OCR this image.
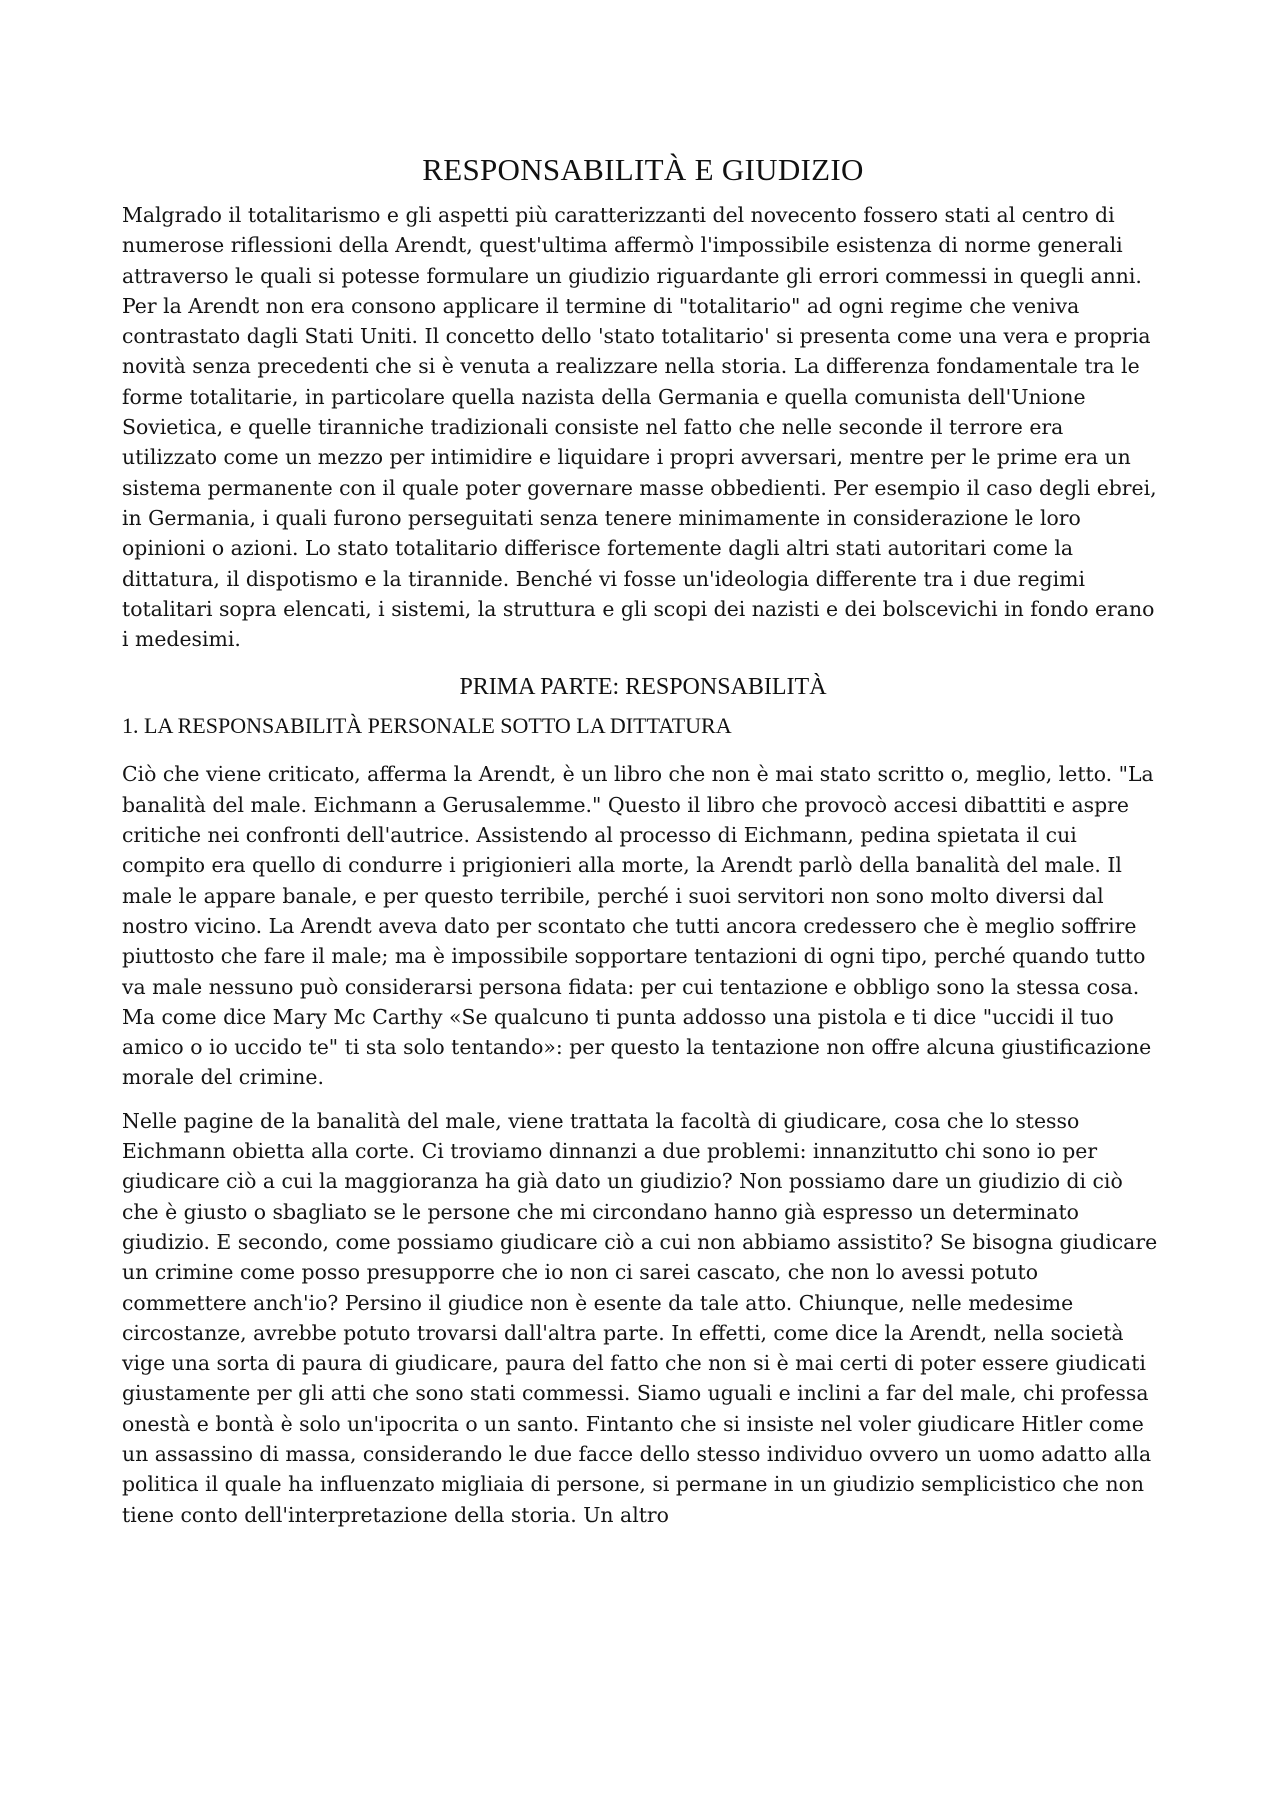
RESPONSABILITÀ E GIUDIZIO

Malgrado il totalitarismo e gli aspetti più caratterizzanti del novecento fossero stati al centro di numerose riflessioni della Arendt, quest'ultima affermò l'impossibile esistenza di norme generali attraverso le quali si potesse formulare un giudizio riguardante gli errori commessi in quegli anni. Per la Arendt non era consono applicare il termine di "totalitario" ad ogni regime che veniva contrastato dagli Stati Uniti. Il concetto dello 'stato totalitario' si presenta come una vera e propria novità senza precedenti che si è venuta a realizzare nella storia. La differenza fondamentale tra le forme totalitarie, in particolare quella nazista della Germania e quella comunista dell'Unione Sovietica, e quelle tiranniche tradizionali consiste nel fatto che nelle seconde il terrore era utilizzato come un mezzo per intimidire e liquidare i propri avversari, mentre per le prime era un sistema permanente con il quale poter governare masse obbedienti. Per esempio il caso degli ebrei, in Germania, i quali furono perseguitati senza tenere minimamente in considerazione le loro opinioni o azioni. Lo stato totalitario differisce fortemente dagli altri stati autoritari come la dittatura, il dispotismo e la tirannide. Benché vi fosse un'ideologia differente tra i due regimi totalitari sopra elencati, i sistemi, la struttura e gli scopi dei nazisti e dei bolscevichi in fondo erano i medesimi.

PRIMA PARTE: RESPONSABILITÀ
1. LA RESPONSABILITÀ PERSONALE SOTTO LA DITTATURA

Ciò che viene criticato, afferma la Arendt, è un libro che non è mai stato scritto o, meglio, letto. "La banalità del male. Eichmann a Gerusalemme." Questo il libro che provocò accesi dibattiti e aspre critiche nei confronti dell'autrice. Assistendo al processo di Eichmann, pedina spietata il cui compito era quello di condurre i prigionieri alla morte, la Arendt parlò della banalità del male. Il male le appare banale, e per questo terribile, perché i suoi servitori non sono molto diversi dal nostro vicino. La Arendt aveva dato per scontato che tutti ancora credessero che è meglio soffrire piuttosto che fare il male; ma è impossibile sopportare tentazioni di ogni tipo, perché quando tutto va male nessuno può considerarsi persona fidata: per cui tentazione e obbligo sono la stessa cosa. Ma come dice Mary Mc Carthy «Se qualcuno ti punta addosso una pistola e ti dice "uccidi il tuo amico o io uccido te" ti sta solo tentando»: per questo la tentazione non offre alcuna giustificazione morale del crimine.

Nelle pagine de la banalità del male, viene trattata la facoltà di giudicare, cosa che lo stesso Eichmann obietta alla corte. Ci troviamo dinnanzi a due problemi: innanzitutto chi sono io per giudicare ciò a cui la maggioranza ha già dato un giudizio? Non possiamo dare un giudizio di ciò che è giusto o sbagliato se le persone che mi circondano hanno già espresso un determinato giudizio. E secondo, come possiamo giudicare ciò a cui non abbiamo assistito? Se bisogna giudicare un crimine come posso presupporre che io non ci sarei cascato, che non lo avessi potuto commettere anch'io? Persino il giudice non è esente da tale atto. Chiunque, nelle medesime circostanze, avrebbe potuto trovarsi dall'altra parte. In effetti, come dice la Arendt, nella società vige una sorta di paura di giudicare, paura del fatto che non si è mai certi di poter essere giudicati giustamente per gli atti che sono stati commessi. Siamo uguali e inclini a far del male, chi professa onestà e bontà è solo un'ipocrita o un santo. Fintanto che si insiste nel voler giudicare Hitler come un assassino di massa, considerando le due facce dello stesso individuo ovvero un uomo adatto alla politica il quale ha influenzato migliaia di persone, si permane in un giudizio semplicistico che non tiene conto dell'interpretazione della storia. Un altro
